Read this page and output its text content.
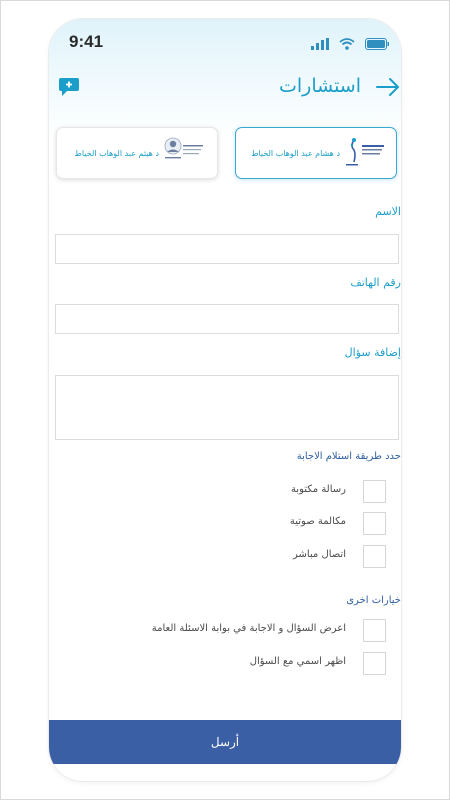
9:41

استشارات
د هشام عبد الوهاب الخياط
د هيثم عبد الوهاب الخياط
الاسم
رقم الهاتف
إضافة سؤال
حدد طريقة استلام الاجابة
رسالة مكتوبة
مكالمة صوتية
اتصال مباشر
خيارات اخرى
اعرض السؤال و الاجابة في بوابة الاسئلة العامة
اظهر اسمي مع السؤال
أرسل
